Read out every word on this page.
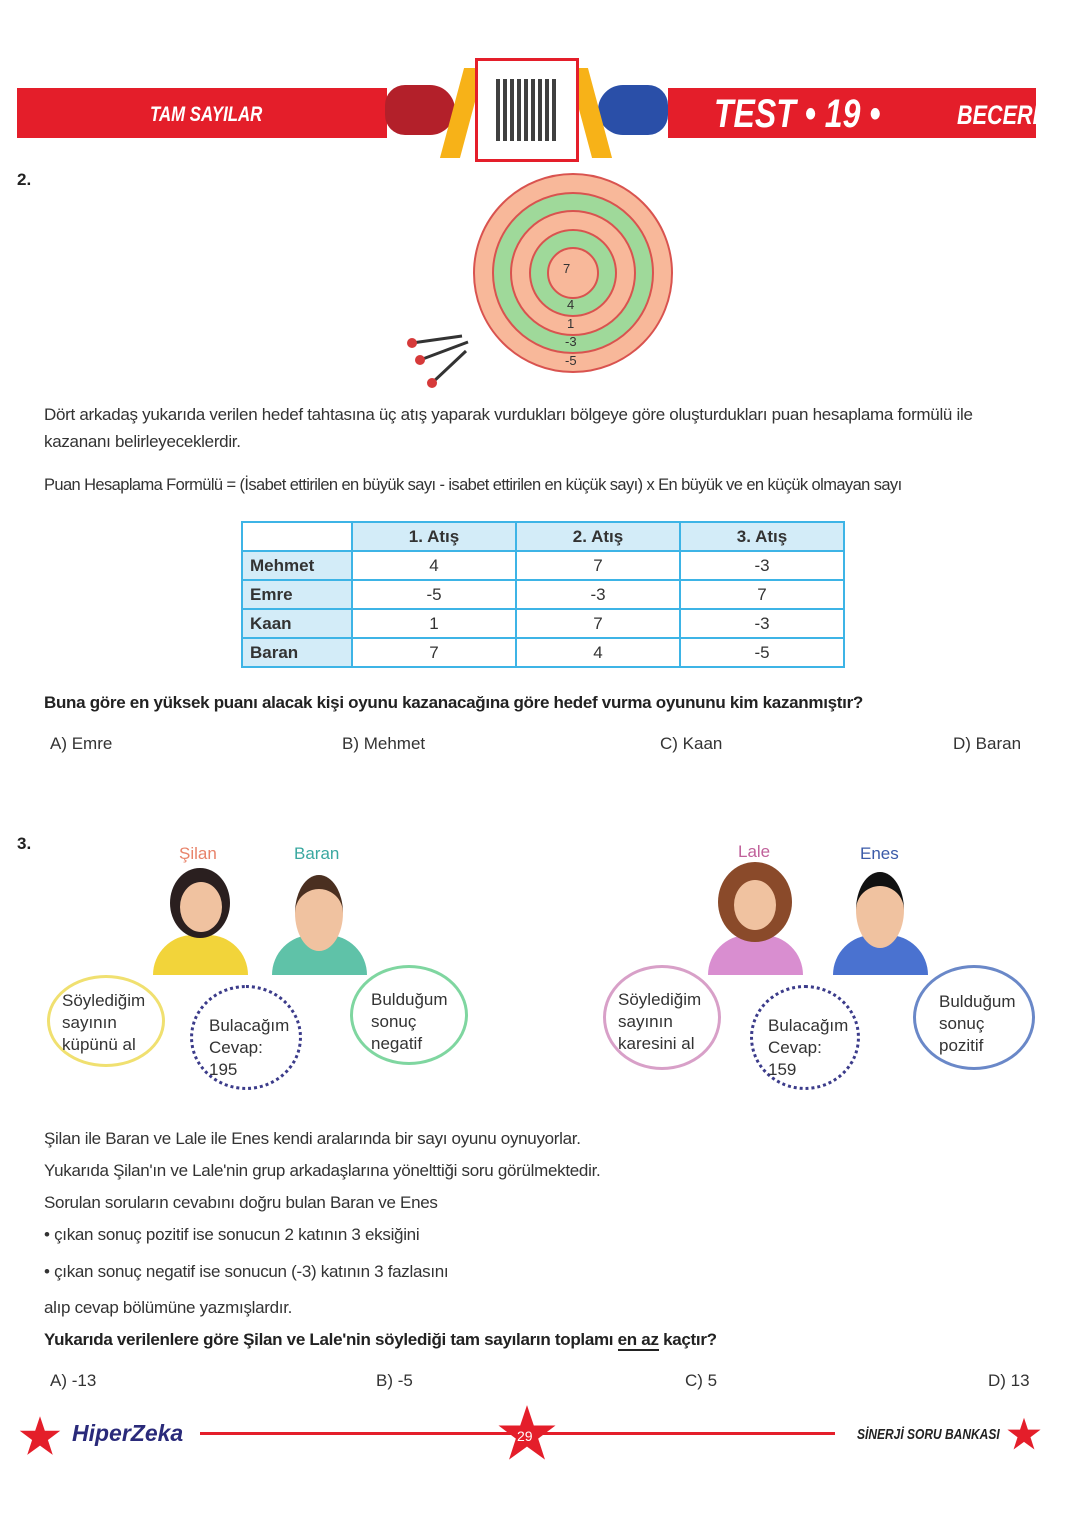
TAM SAYILAR	TEST • 19 •	BECERİ
2.
7
4
1
-3
-5
Dört arkadaş yukarıda verilen hedef tahtasına üç atış yaparak vurdukları bölgeye göre oluşturdukları puan hesaplama formülü ile kazananı belirleyeceklerdir.
Puan Hesaplama Formülü = (İsabet ettirilen en büyük sayı - isabet ettirilen en küçük sayı) x En büyük ve en küçük olmayan sayı
	1. Atış	2. Atış	3. Atış
Mehmet	4	7	-3
Emre	-5	-3	7
Kaan	1	7	-3
Baran	7	4	-5
Buna göre en yüksek puanı alacak kişi oyunu kazanacağına göre hedef vurma oyununu kim kazanmıştır?
A) Emre	B) Mehmet	C) Kaan	D) Baran
3.
Şilan	Baran	Lale	Enes
Söylediğim
sayının
küpünü al
Bulacağım
Cevap:
195
Bulduğum
sonuç
negatif
Söylediğim
sayının
karesini al
Bulacağım
Cevap:
159
Bulduğum
sonuç
pozitif
Şilan ile Baran ve Lale ile Enes kendi aralarında bir sayı oyunu oynuyorlar.
Yukarıda Şilan'ın ve Lale'nin grup arkadaşlarına yönelttiği soru görülmektedir.
Sorulan soruların cevabını doğru bulan Baran ve Enes
• çıkan sonuç pozitif ise sonucun 2 katının 3 eksiğini
• çıkan sonuç negatif ise sonucun (-3) katının 3 fazlasını
alıp cevap bölümüne yazmışlardır.
Yukarıda verilenlere göre Şilan ve Lale'nin söylediği tam sayıların toplamı en az kaçtır?
A) -13	B) -5	C) 5	D) 13
HiperZeka	29	SİNERJİ SORU BANKASI
